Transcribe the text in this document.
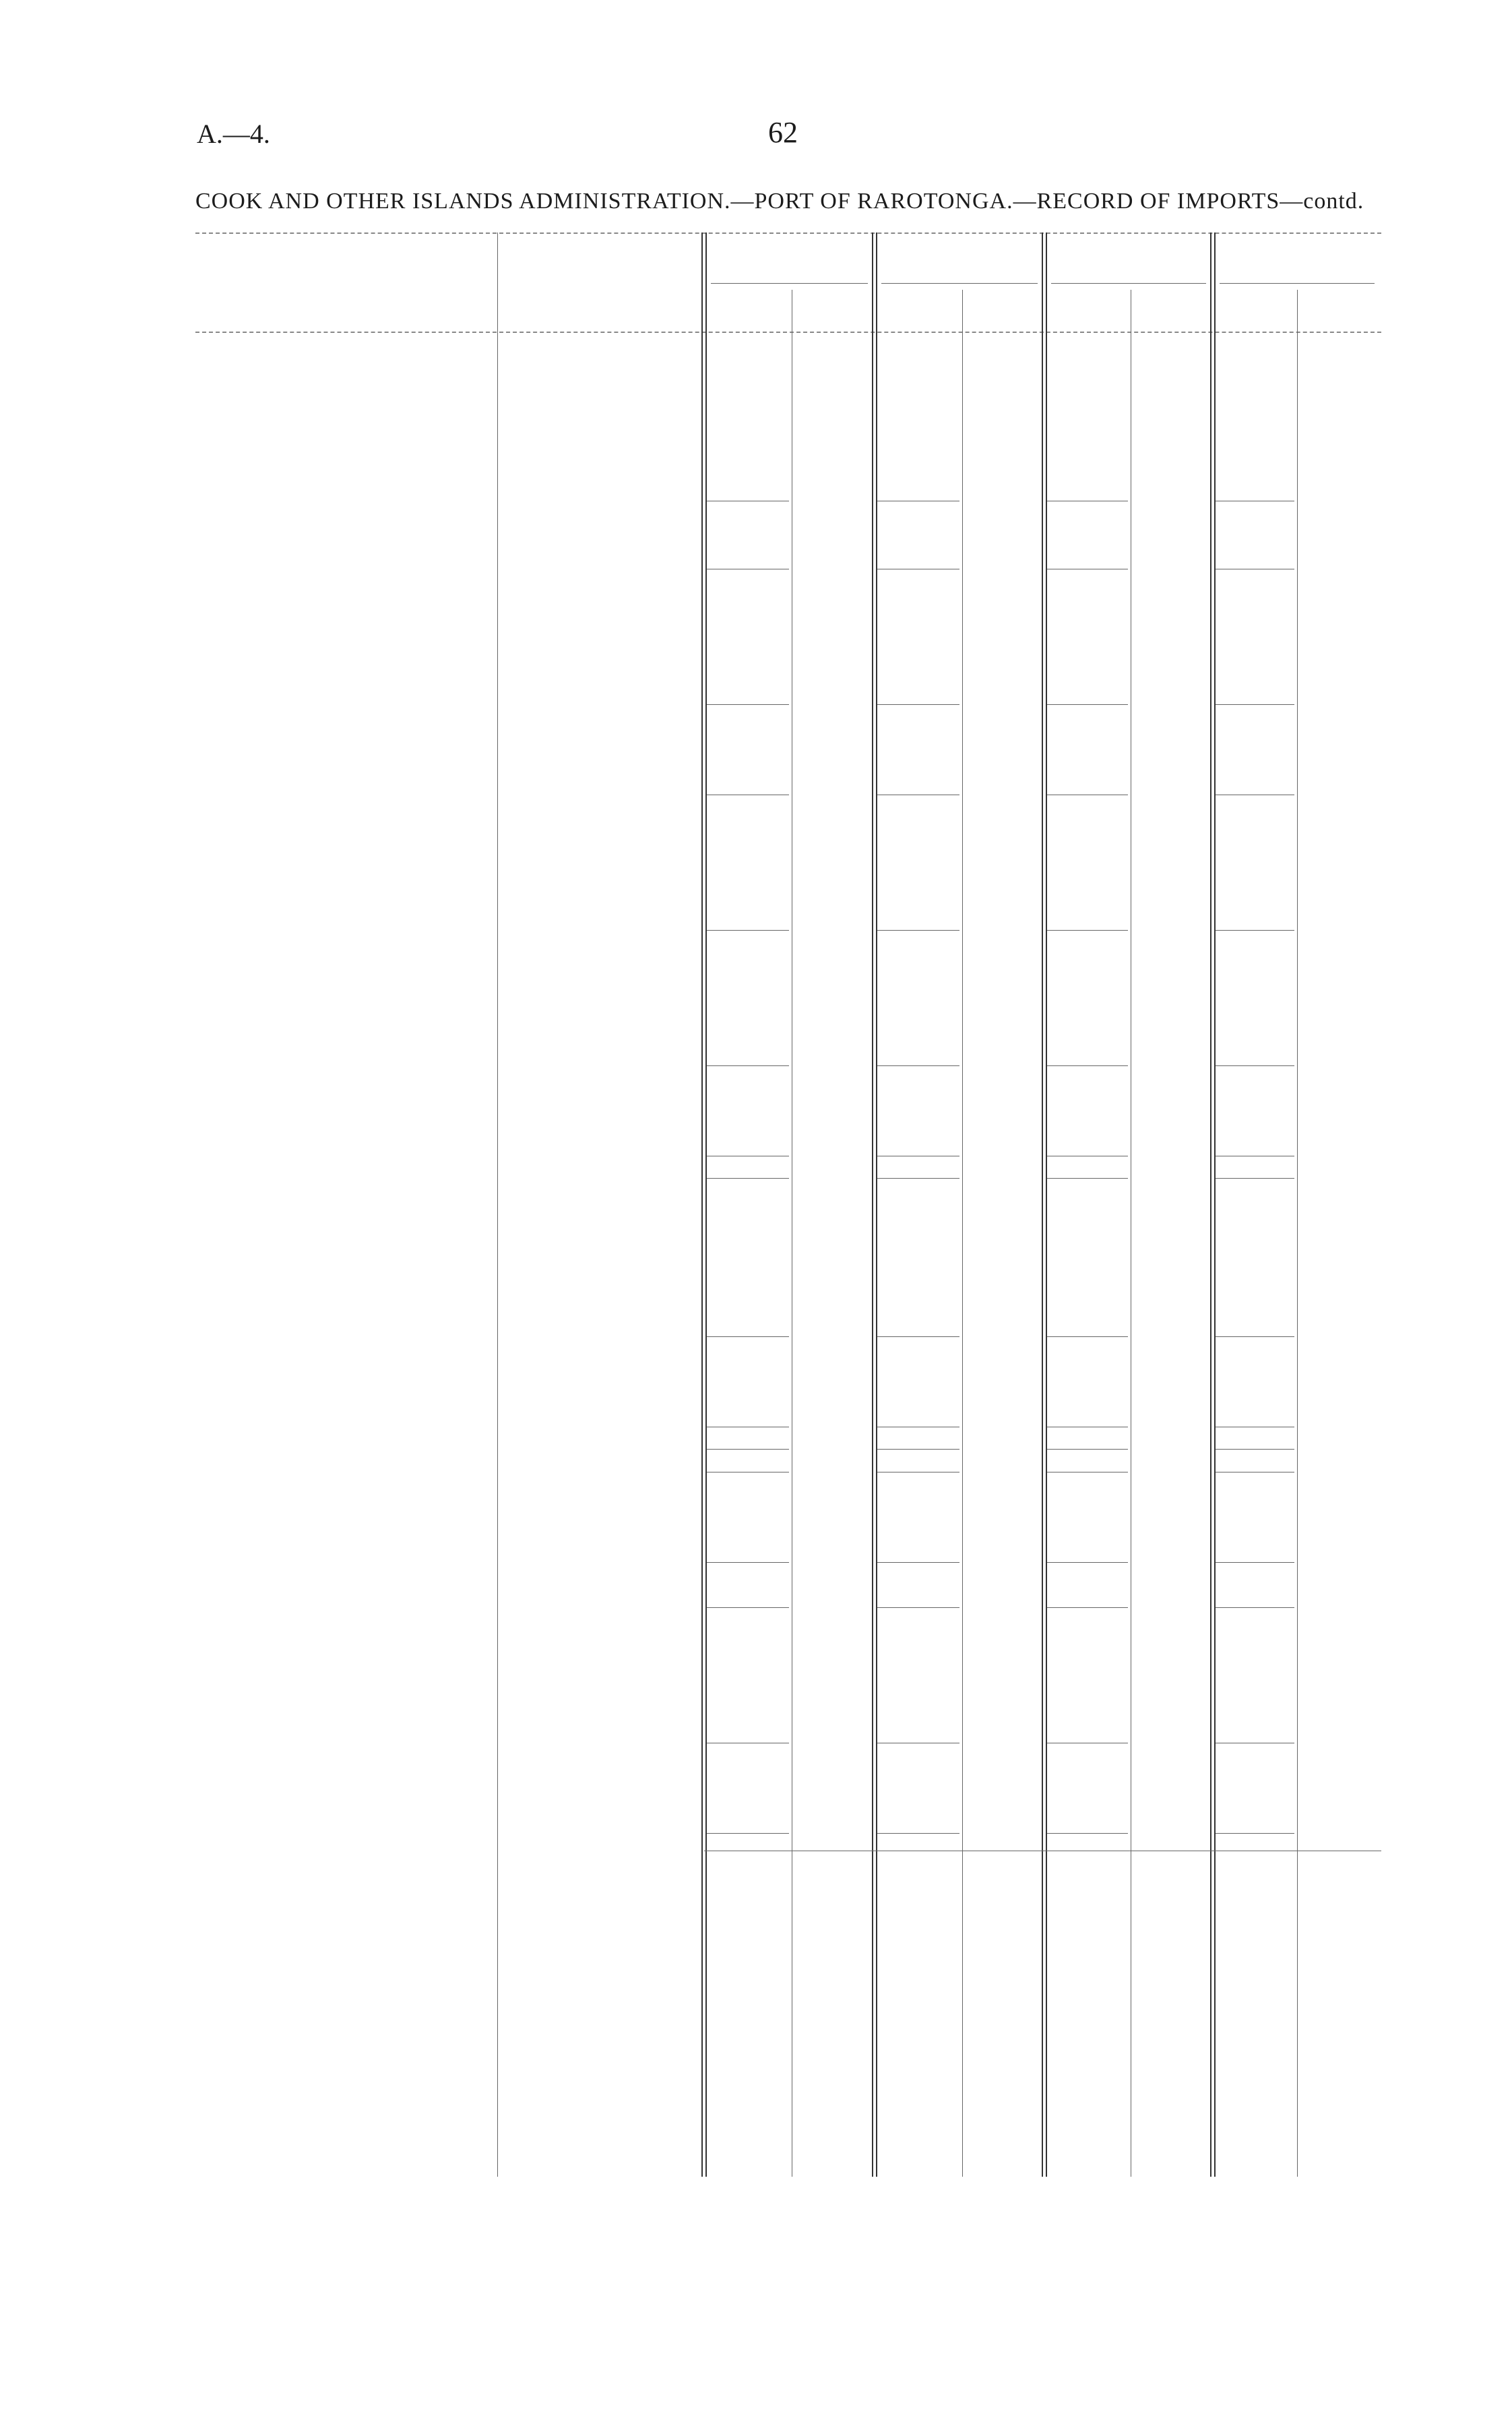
A.—4.	62
COOK AND OTHER ISLANDS ADMINISTRATION.—PORT OF RAROTONGA.—RECORD OF IMPORTS—contd.
